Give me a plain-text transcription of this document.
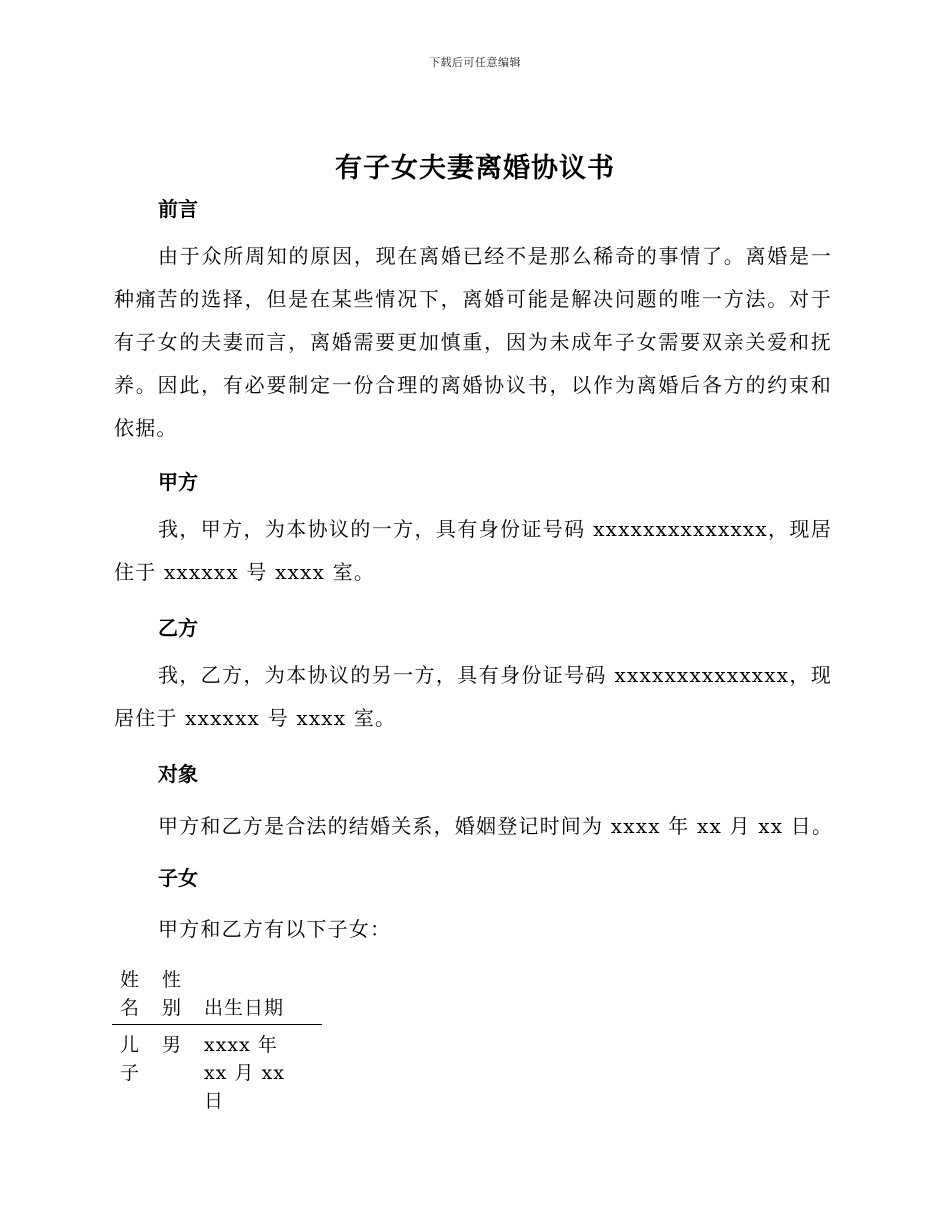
下载后可任意编辑
有子女夫妻离婚协议书
前言
由于众所周知的原因，现在离婚已经不是那么稀奇的事情了。离婚是一种痛苦的选择，但是在某些情况下，离婚可能是解决问题的唯一方法。对于有子女的夫妻而言，离婚需要更加慎重，因为未成年子女需要双亲关爱和抚养。因此，有必要制定一份合理的离婚协议书，以作为离婚后各方的约束和依据。
甲方
我，甲方，为本协议的一方，具有身份证号码 xxxxxxxxxxxxxx，现居住于 xxxxxx 号 xxxx 室。
乙方
我，乙方，为本协议的另一方，具有身份证号码 xxxxxxxxxxxxxx，现居住于 xxxxxx 号 xxxx 室。
对象
甲方和乙方是合法的结婚关系，婚姻登记时间为 xxxx 年 xx 月 xx 日。
子女
甲方和乙方有以下子女：
姓名
性别	出生日期
儿子
男	xxxx 年 xx 月 xx 日
